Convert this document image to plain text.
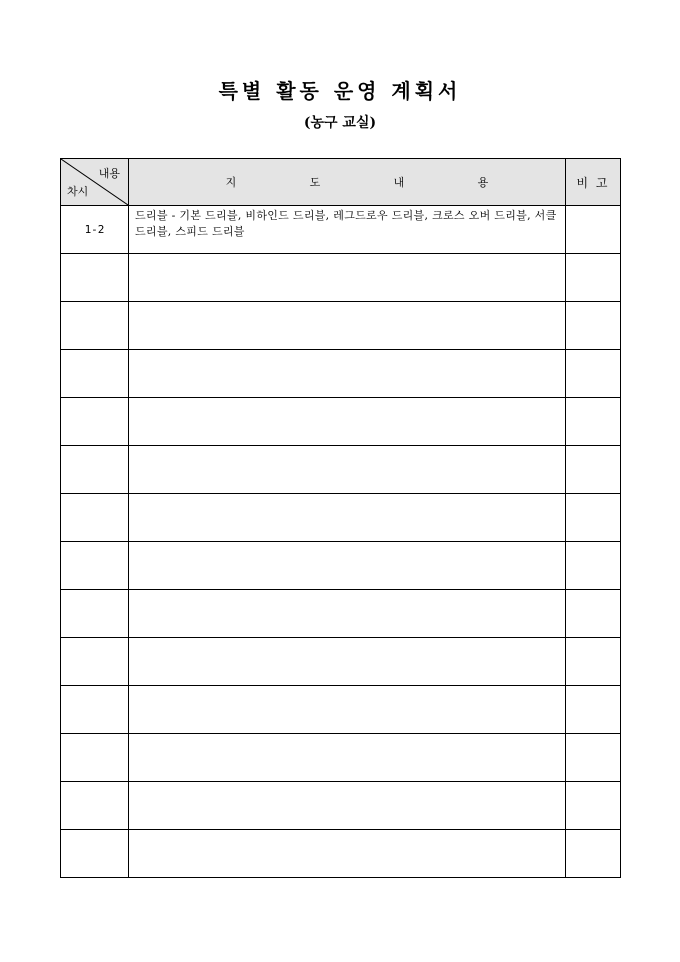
특별 활동 운영 계획서
(농구 교실)
내용
차시	지 도 내 용	비 고
1-2	드리블 - 기본 드리블, 비하인드 드리블, 레그드로우 드리블, 크로스 오버 드리블, 서클 드리블, 스피드 드리블	
